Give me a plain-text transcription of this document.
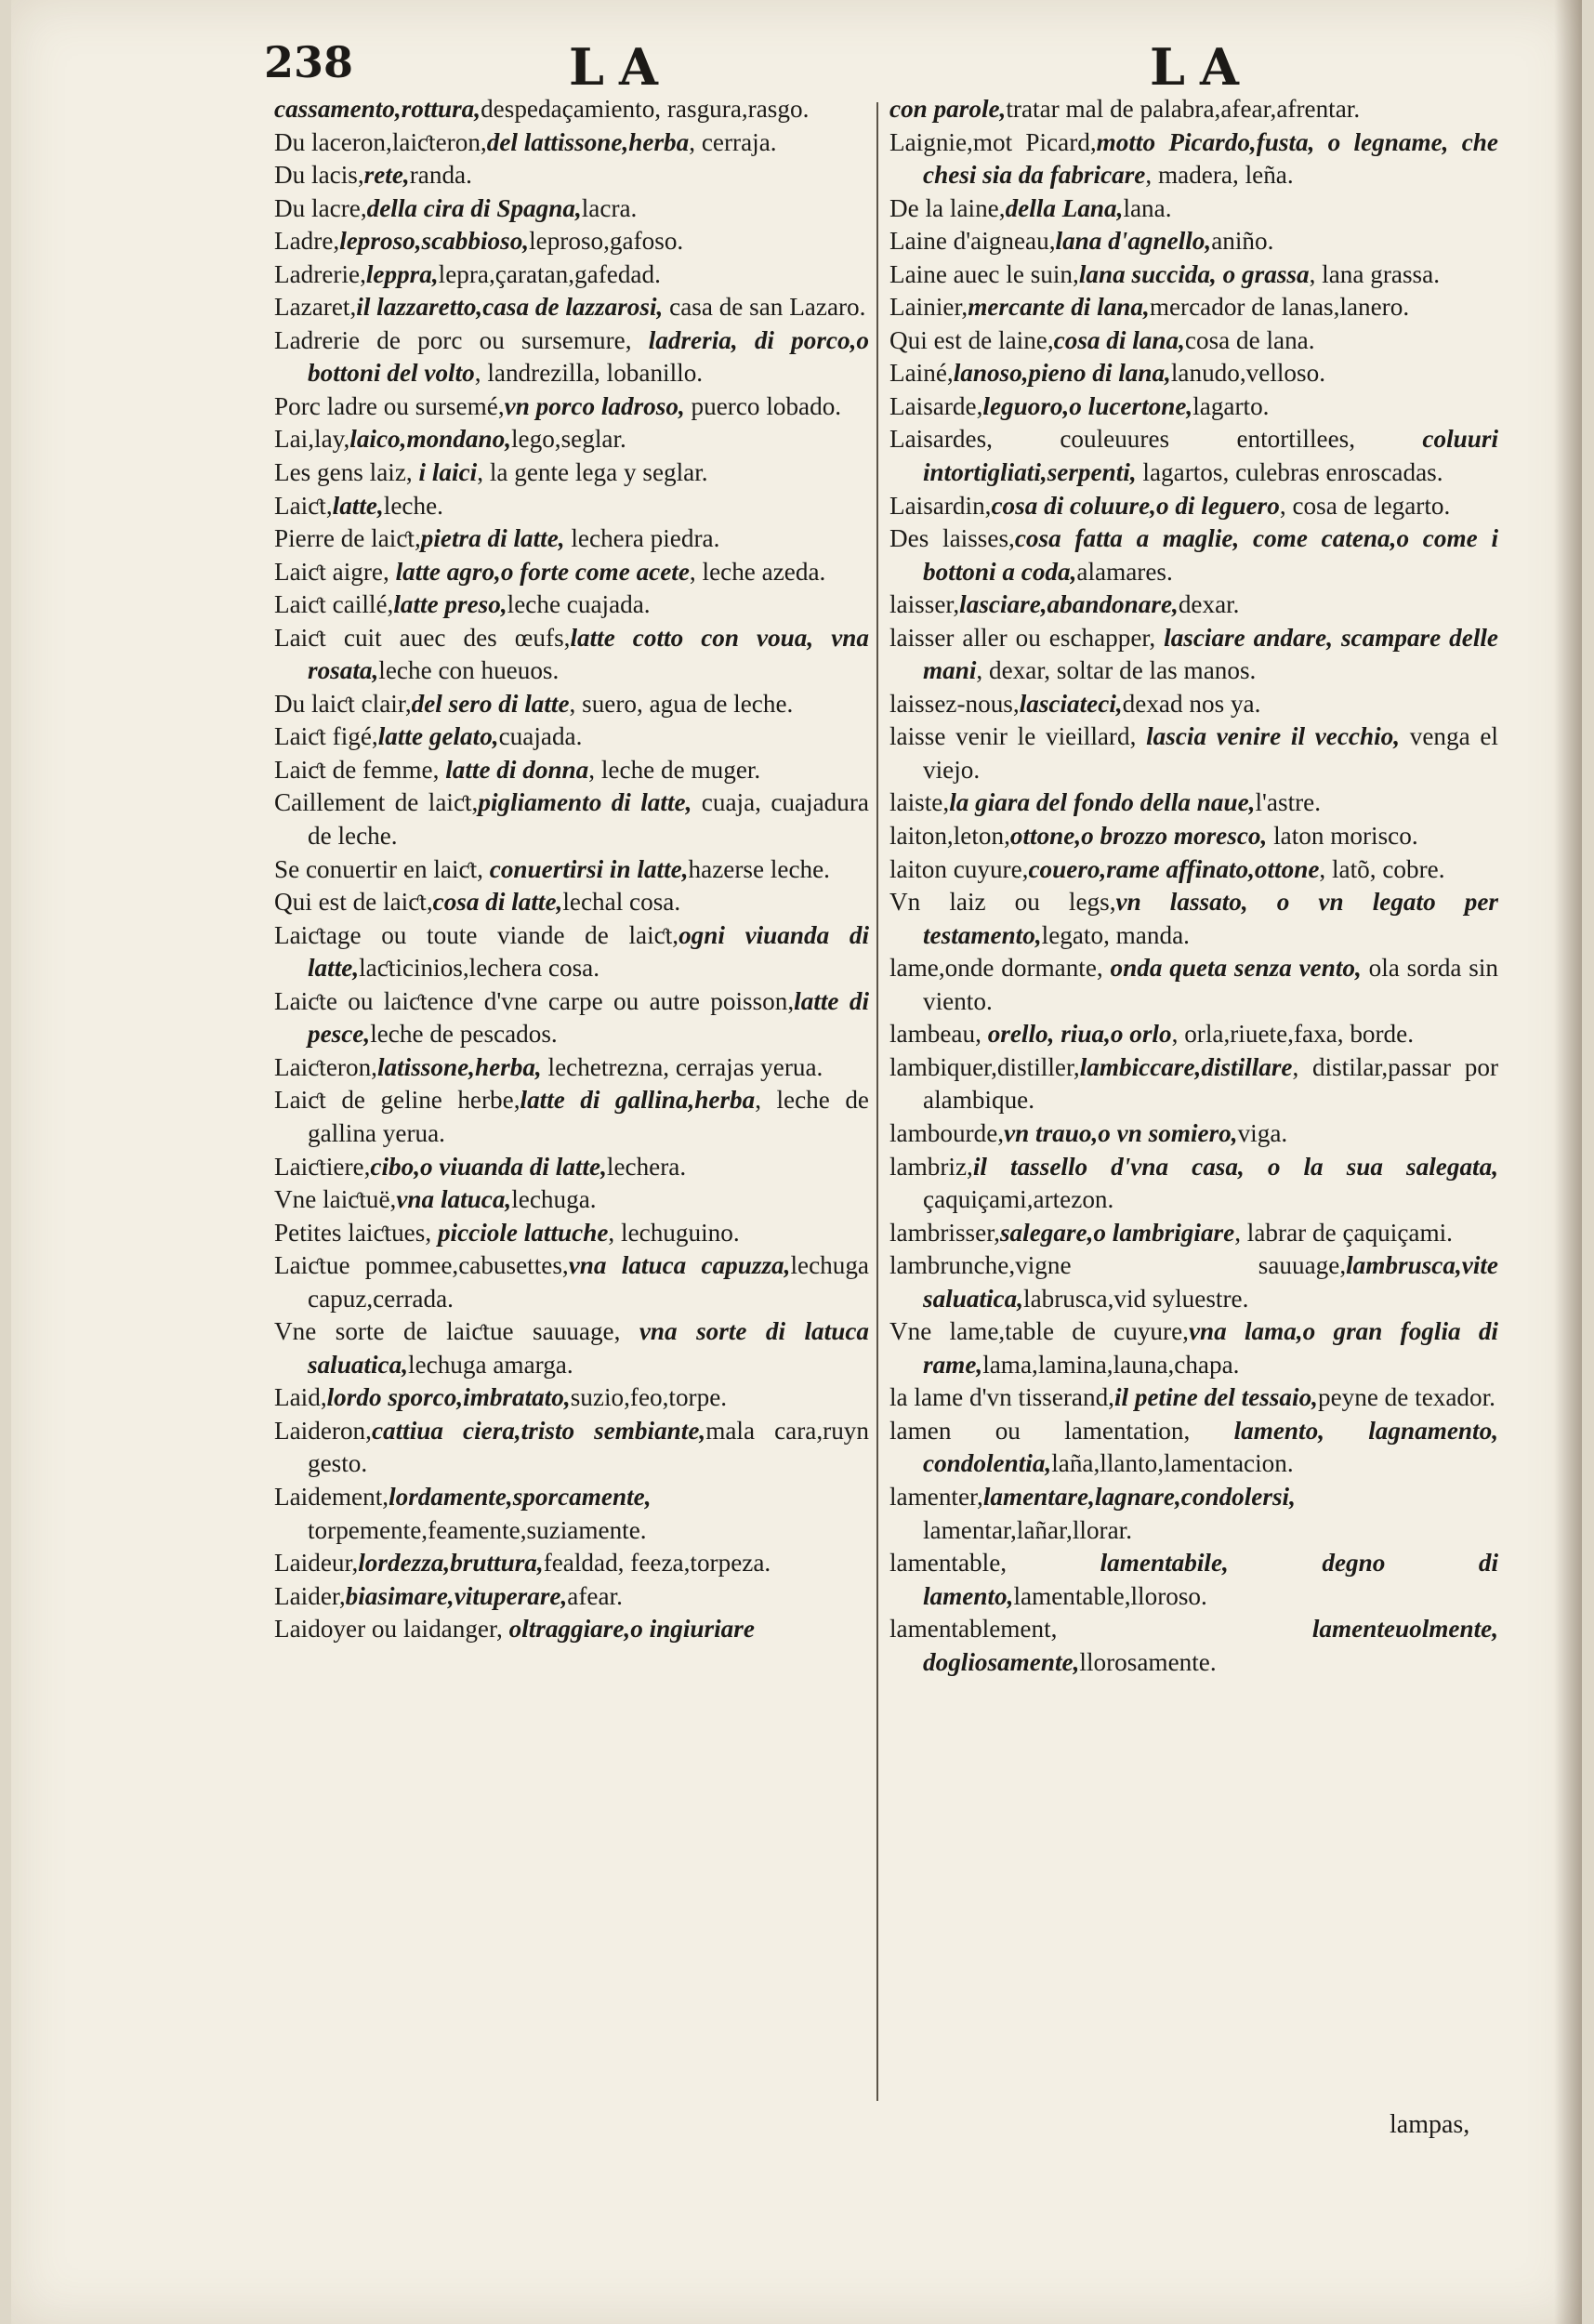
238	LA	LA

cassamento,rottura,despedaçamiento, rasgura,rasgo.

Du laceron,laiƈteron,del lattissone,herba, cerraja.

Du lacis,rete,randa.

Du lacre,della cira di Spagna,lacra.

Ladre,leproso,scabbioso,leproso,gafoso.

Ladrerie,leppra,lepra,çaratan,gafedad.

Lazaret,il lazzaretto,casa de lazzarosi, casa de san Lazaro.

Ladrerie de porc ou sursemure, ladreria, di porco,o bottoni del volto, landrezilla, lobanillo.

Porc ladre ou sursemé,vn porco ladroso, puerco lobado.

Lai,lay,laico,mondano,lego,seglar.

Les gens laiz, i laici, la gente lega y seglar.

Laiƈt,latte,leche.

Pierre de laiƈt,pietra di latte, lechera piedra.

Laiƈt aigre, latte agro,o forte come acete, leche azeda.

Laiƈt caillé,latte preso,leche cuajada.

Laiƈt cuit auec des œufs,latte cotto con voua, vna rosata,leche con hueuos.

Du laiƈt clair,del sero di latte, suero, agua de leche.

Laiƈt figé,latte gelato,cuajada.

Laiƈt de femme, latte di donna, leche de muger.

Caillement de laiƈt,pigliamento di latte, cuaja, cuajadura de leche.

Se conuertir en laiƈt, conuertirsi in latte,hazerse leche.

Qui est de laiƈt,cosa di latte,lechal cosa.

Laiƈtage ou toute viande de laiƈt,ogni viuanda di latte,laƈticinios,lechera cosa.

Laiƈte ou laiƈtence d'vne carpe ou autre poisson,latte di pesce,leche de pescados.

Laiƈteron,latissone,herba, lechetrezna, cerrajas yerua.

Laiƈt de geline herbe,latte di gallina,herba, leche de gallina yerua.

Laiƈtiere,cibo,o viuanda di latte,lechera.

Vne laiƈtuë,vna latuca,lechuga.

Petites laiƈtues, picciole lattuche, lechuguino.

Laiƈtue pommee,cabusettes,vna latuca capuzza,lechuga capuz,cerrada.

Vne sorte de laiƈtue sauuage, vna sorte di latuca saluatica,lechuga amarga.

Laid,lordo sporco,imbratato,suzio,feo,torpe.

Laideron,cattiua ciera,tristo sembiante,mala cara,ruyn gesto.

Laidement,lordamente,sporcamente, torpemente,feamente,suziamente.

Laideur,lordezza,bruttura,fealdad, feeza,torpeza.

Laider,biasimare,vituperare,afear.

Laidoyer ou laidanger, oltraggiare,o ingiuriare

con parole,tratar mal de palabra,afear,afrentar.

Laignie,mot Picard,motto Picardo,fusta, o legname, che chesi sia da fabricare, madera, leña.

De la laine,della Lana,lana.

Laine d'aigneau,lana d'agnello,aniño.

Laine auec le suin,lana succida, o grassa, lana grassa.

Lainier,mercante di lana,mercador de lanas,lanero.

Qui est de laine,cosa di lana,cosa de lana.

Lainé,lanoso,pieno di lana,lanudo,velloso.

Laisarde,leguoro,o lucertone,lagarto.

Laisardes, couleuures entortillees, coluuri intortigliati,serpenti, lagartos, culebras enroscadas.

Laisardin,cosa di coluure,o di leguero, cosa de legarto.

Des laisses,cosa fatta a maglie, come catena,o come i bottoni a coda,alamares.

laisser,lasciare,abandonare,dexar.

laisser aller ou eschapper, lasciare andare, scampare delle mani, dexar, soltar de las manos.

laissez-nous,lasciateci,dexad nos ya.

laisse venir le vieillard, lascia venire il vecchio, venga el viejo.

laiste,la giara del fondo della naue,l'astre.

laiton,leton,ottone,o brozzo moresco, laton morisco.

laiton cuyure,couero,rame affinato,ottone, latõ, cobre.

Vn laiz ou legs,vn lassato, o vn legato per testamento,legato, manda.

lame,onde dormante, onda queta senza vento, ola sorda sin viento.

lambeau, orello, riua,o orlo, orla,riuete,faxa, borde.

lambiquer,distiller,lambiccare,distillare, distilar,passar por alambique.

lambourde,vn trauo,o vn somiero,viga.

lambriz,il tassello d'vna casa, o la sua salegata, çaquiçami,artezon.

lambrisser,salegare,o lambrigiare, labrar de çaquiçami.

lambrunche,vigne sauuage,lambrusca,vite saluatica,labrusca,vid syluestre.

Vne lame,table de cuyure,vna lama,o gran foglia di rame,lama,lamina,launa,chapa.

la lame d'vn tisserand,il petine del tessaio,peyne de texador.

lamen ou lamentation, lamento, lagnamento, condolentia,laña,llanto,lamentacion.

lamenter,lamentare,lagnare,condolersi, lamentar,lañar,llorar.

lamentable, lamentabile, degno di lamento,lamentable,lloroso.

lamentablement, lamenteuolmente, dogliosamente,llorosamente.

lampas,
